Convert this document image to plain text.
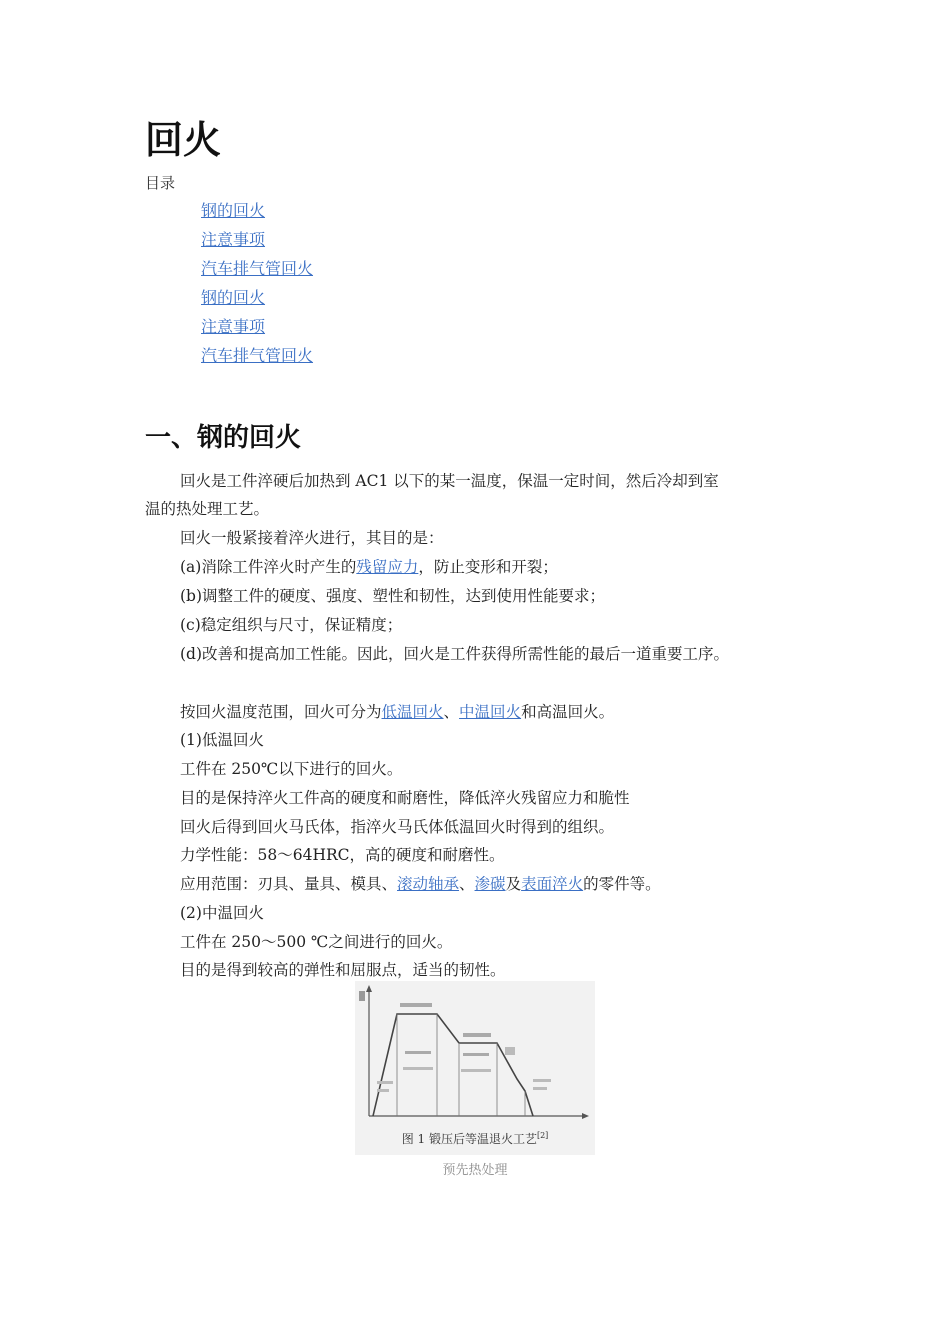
回火
目录
钢的回火
注意事项
汽车排气管回火
钢的回火
注意事项
汽车排气管回火
一、钢的回火
回火是工件淬硬后加热到 AC1 以下的某一温度，保温一定时间，然后冷却到室
温的热处理工艺。
回火一般紧接着淬火进行，其目的是：
(a)消除工件淬火时产生的残留应力，防止变形和开裂；
(b)调整工件的硬度、强度、塑性和韧性，达到使用性能要求；
(c)稳定组织与尺寸，保证精度；
(d)改善和提高加工性能。因此，回火是工件获得所需性能的最后一道重要工序。
按回火温度范围，回火可分为低温回火、中温回火和高温回火。
(1)低温回火
工件在 250℃以下进行的回火。
目的是保持淬火工件高的硬度和耐磨性，降低淬火残留应力和脆性
回火后得到回火马氏体，指淬火马氏体低温回火时得到的组织。
力学性能：58～64HRC，高的硬度和耐磨性。
应用范围：刃具、量具、模具、滚动轴承、渗碳及表面淬火的零件等。
(2)中温回火
工件在 250～500 ℃之间进行的回火。
目的是得到较高的弹性和屈服点，适当的韧性。
图 1 锻压后等温退火工艺[2]
预先热处理
